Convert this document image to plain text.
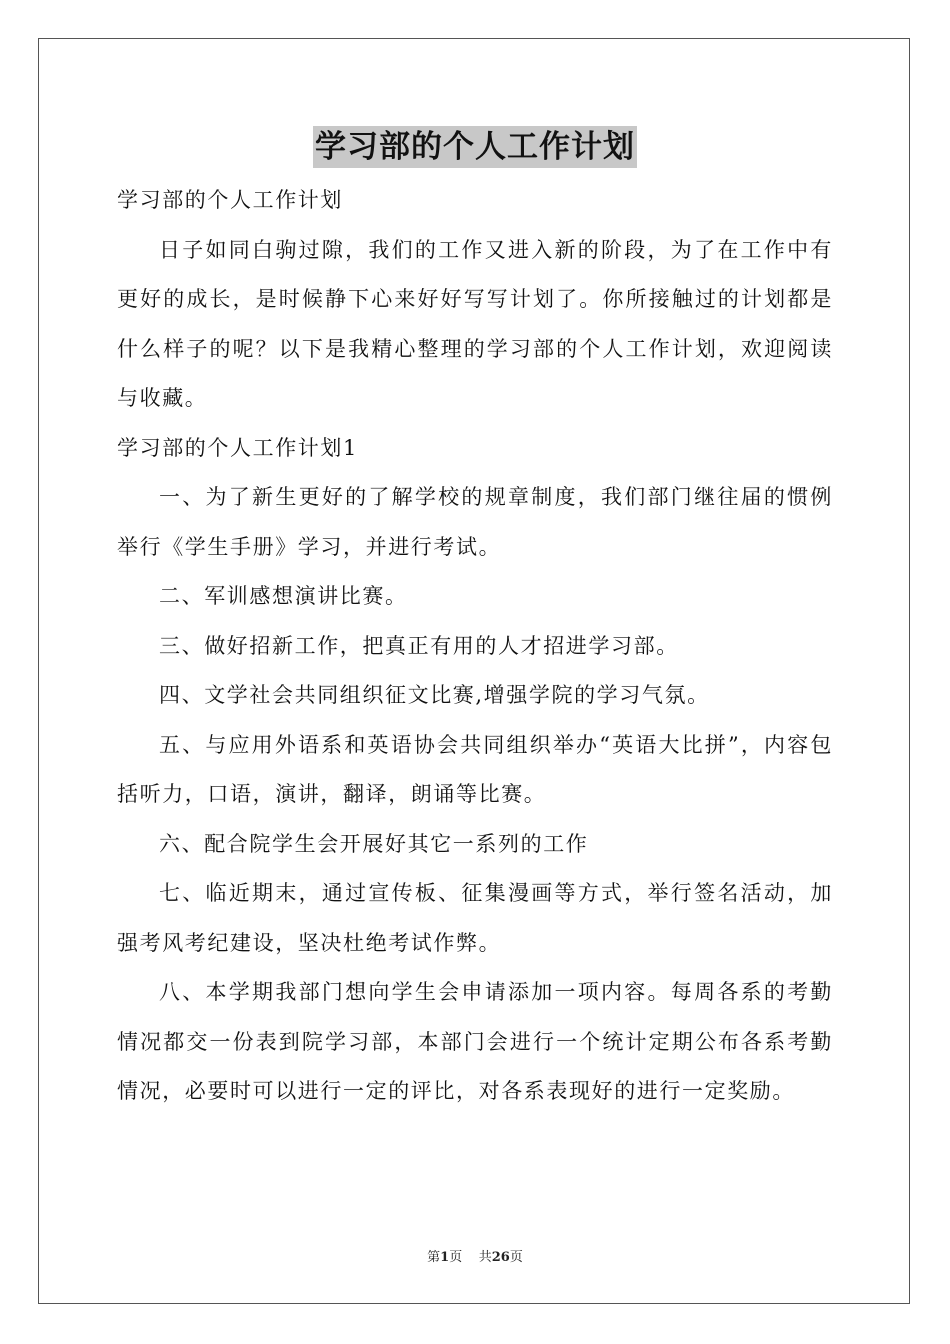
学习部的个人工作计划

学习部的个人工作计划

日子如同白驹过隙，我们的工作又进入新的阶段，为了在工作中有更好的成长，是时候静下心来好好写写计划了。你所接触过的计划都是什么样子的呢？以下是我精心整理的学习部的个人工作计划，欢迎阅读与收藏。

学习部的个人工作计划1

一、为了新生更好的了解学校的规章制度，我们部门继往届的惯例举行《学生手册》学习，并进行考试。

二、军训感想演讲比赛。

三、做好招新工作，把真正有用的人才招进学习部。

四、文学社会共同组织征文比赛,增强学院的学习气氛。

五、与应用外语系和英语协会共同组织举办“英语大比拼”，内容包括听力，口语，演讲，翻译，朗诵等比赛。

六、配合院学生会开展好其它一系列的工作

七、临近期末，通过宣传板、征集漫画等方式，举行签名活动，加强考风考纪建设，坚决杜绝考试作弊。

八、本学期我部门想向学生会申请添加一项内容。每周各系的考勤情况都交一份表到院学习部，本部门会进行一个统计定期公布各系考勤情况，必要时可以进行一定的评比，对各系表现好的进行一定奖励。

第1页 共26页
